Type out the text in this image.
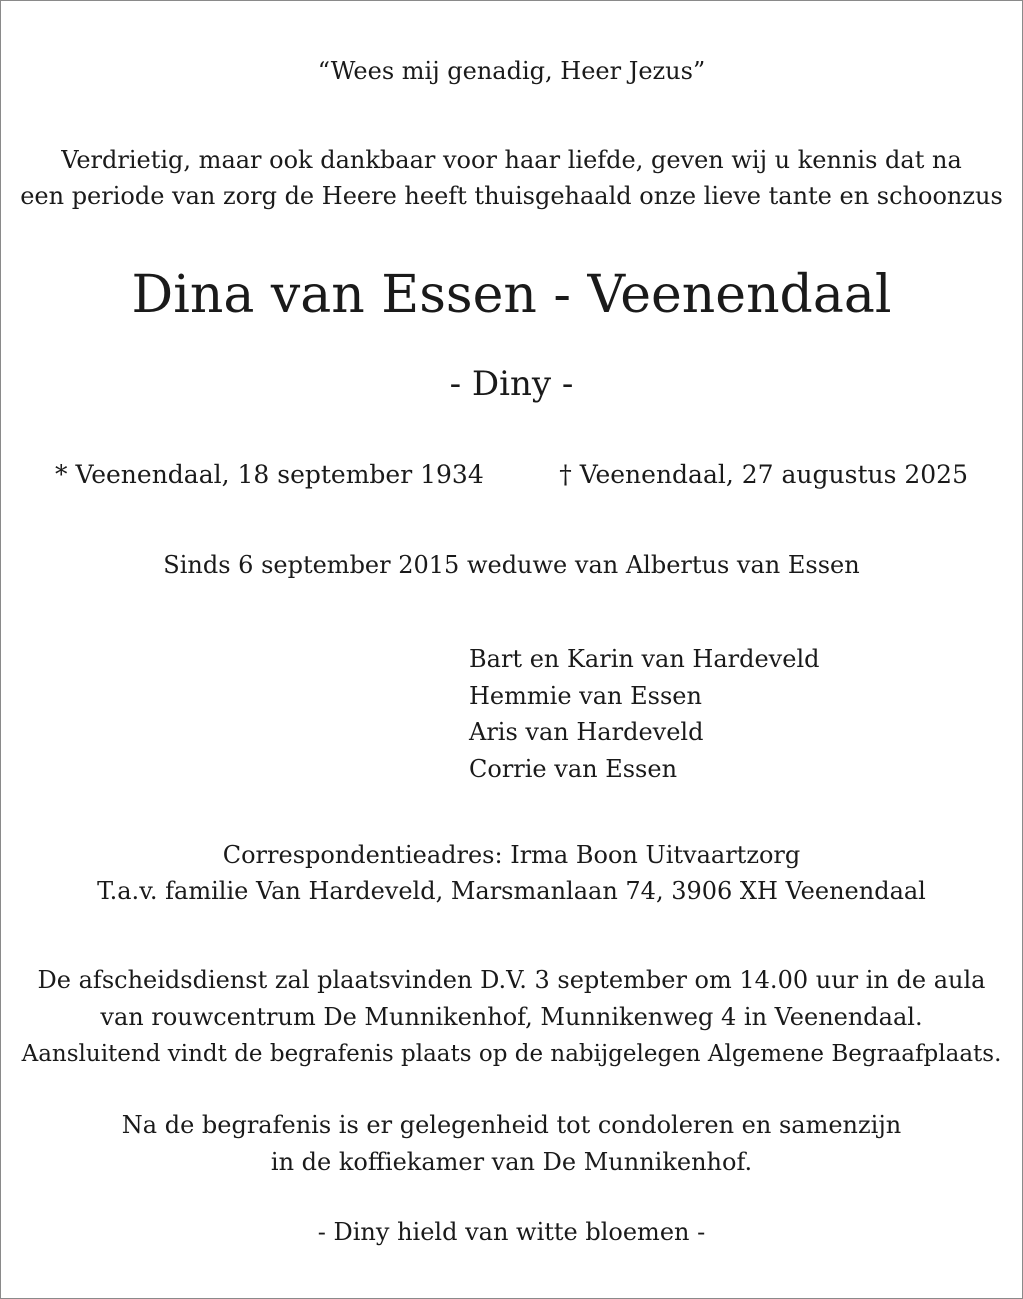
“Wees mij genadig, Heer Jezus”
Verdrietig, maar ook dankbaar voor haar liefde, geven wij u kennis dat na
een periode van zorg de Heere heeft thuisgehaald onze lieve tante en schoonzus
Dina van Essen - Veenendaal
- Diny -
* Veenendaal, 18 september 1934	† Veenendaal, 27 augustus 2025
Sinds 6 september 2015 weduwe van Albertus van Essen
Bart en Karin van Hardeveld
Hemmie van Essen
Aris van Hardeveld
Corrie van Essen
Correspondentieadres: Irma Boon Uitvaartzorg
T.a.v. familie Van Hardeveld, Marsmanlaan 74, 3906 XH Veenendaal
De afscheidsdienst zal plaatsvinden D.V. 3 september om 14.00 uur in de aula
van rouwcentrum De Munnikenhof, Munnikenweg 4 in Veenendaal.
Aansluitend vindt de begrafenis plaats op de nabijgelegen Algemene Begraafplaats.
Na de begrafenis is er gelegenheid tot condoleren en samenzijn
in de koffiekamer van De Munnikenhof.
- Diny hield van witte bloemen -
